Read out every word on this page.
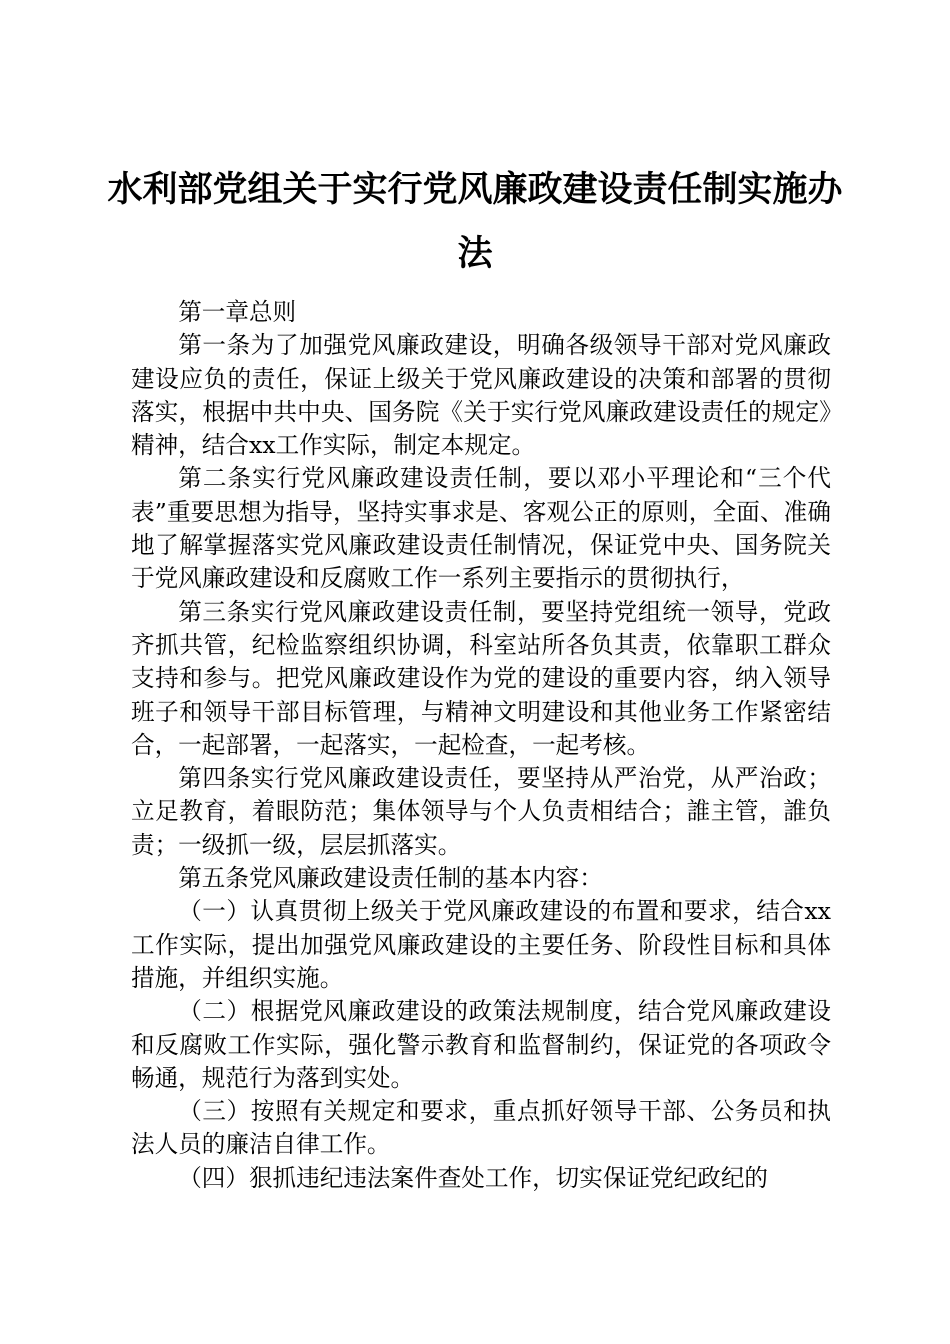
水利部党组关于实行党风廉政建设责任制实施办法

第一章总则

第一条为了加强党风廉政建设，明确各级领导干部对党风廉政建设应负的责任，保证上级关于党风廉政建设的决策和部署的贯彻落实，根据中共中央、国务院《关于实行党风廉政建设责任的规定》精神，结合xx工作实际，制定本规定。

第二条实行党风廉政建设责任制，要以邓小平理论和“三个代表”重要思想为指导，坚持实事求是、客观公正的原则，全面、准确地了解掌握落实党风廉政建设责任制情况，保证党中央、国务院关于党风廉政建设和反腐败工作一系列主要指示的贯彻执行，

第三条实行党风廉政建设责任制，要坚持党组统一领导，党政齐抓共管，纪检监察组织协调，科室站所各负其责，依靠职工群众支持和参与。把党风廉政建设作为党的建设的重要内容，纳入领导班子和领导干部目标管理，与精神文明建设和其他业务工作紧密结合，一起部署，一起落实，一起检查，一起考核。

第四条实行党风廉政建设责任，要坚持从严治党，从严治政；立足教育，着眼防范；集体领导与个人负责相结合；誰主管，誰负责；一级抓一级，层层抓落实。

第五条党风廉政建设责任制的基本内容：

（一）认真贯彻上级关于党风廉政建设的布置和要求，结合xx工作实际，提出加强党风廉政建设的主要任务、阶段性目标和具体措施，并组织实施。

（二）根据党风廉政建设的政策法规制度，结合党风廉政建设和反腐败工作实际，强化警示教育和监督制约，保证党的各项政令畅通，规范行为落到实处。

（三）按照有关规定和要求，重点抓好领导干部、公务员和执法人员的廉洁自律工作。

（四）狠抓违纪违法案件查处工作，切实保证党纪政纪的
